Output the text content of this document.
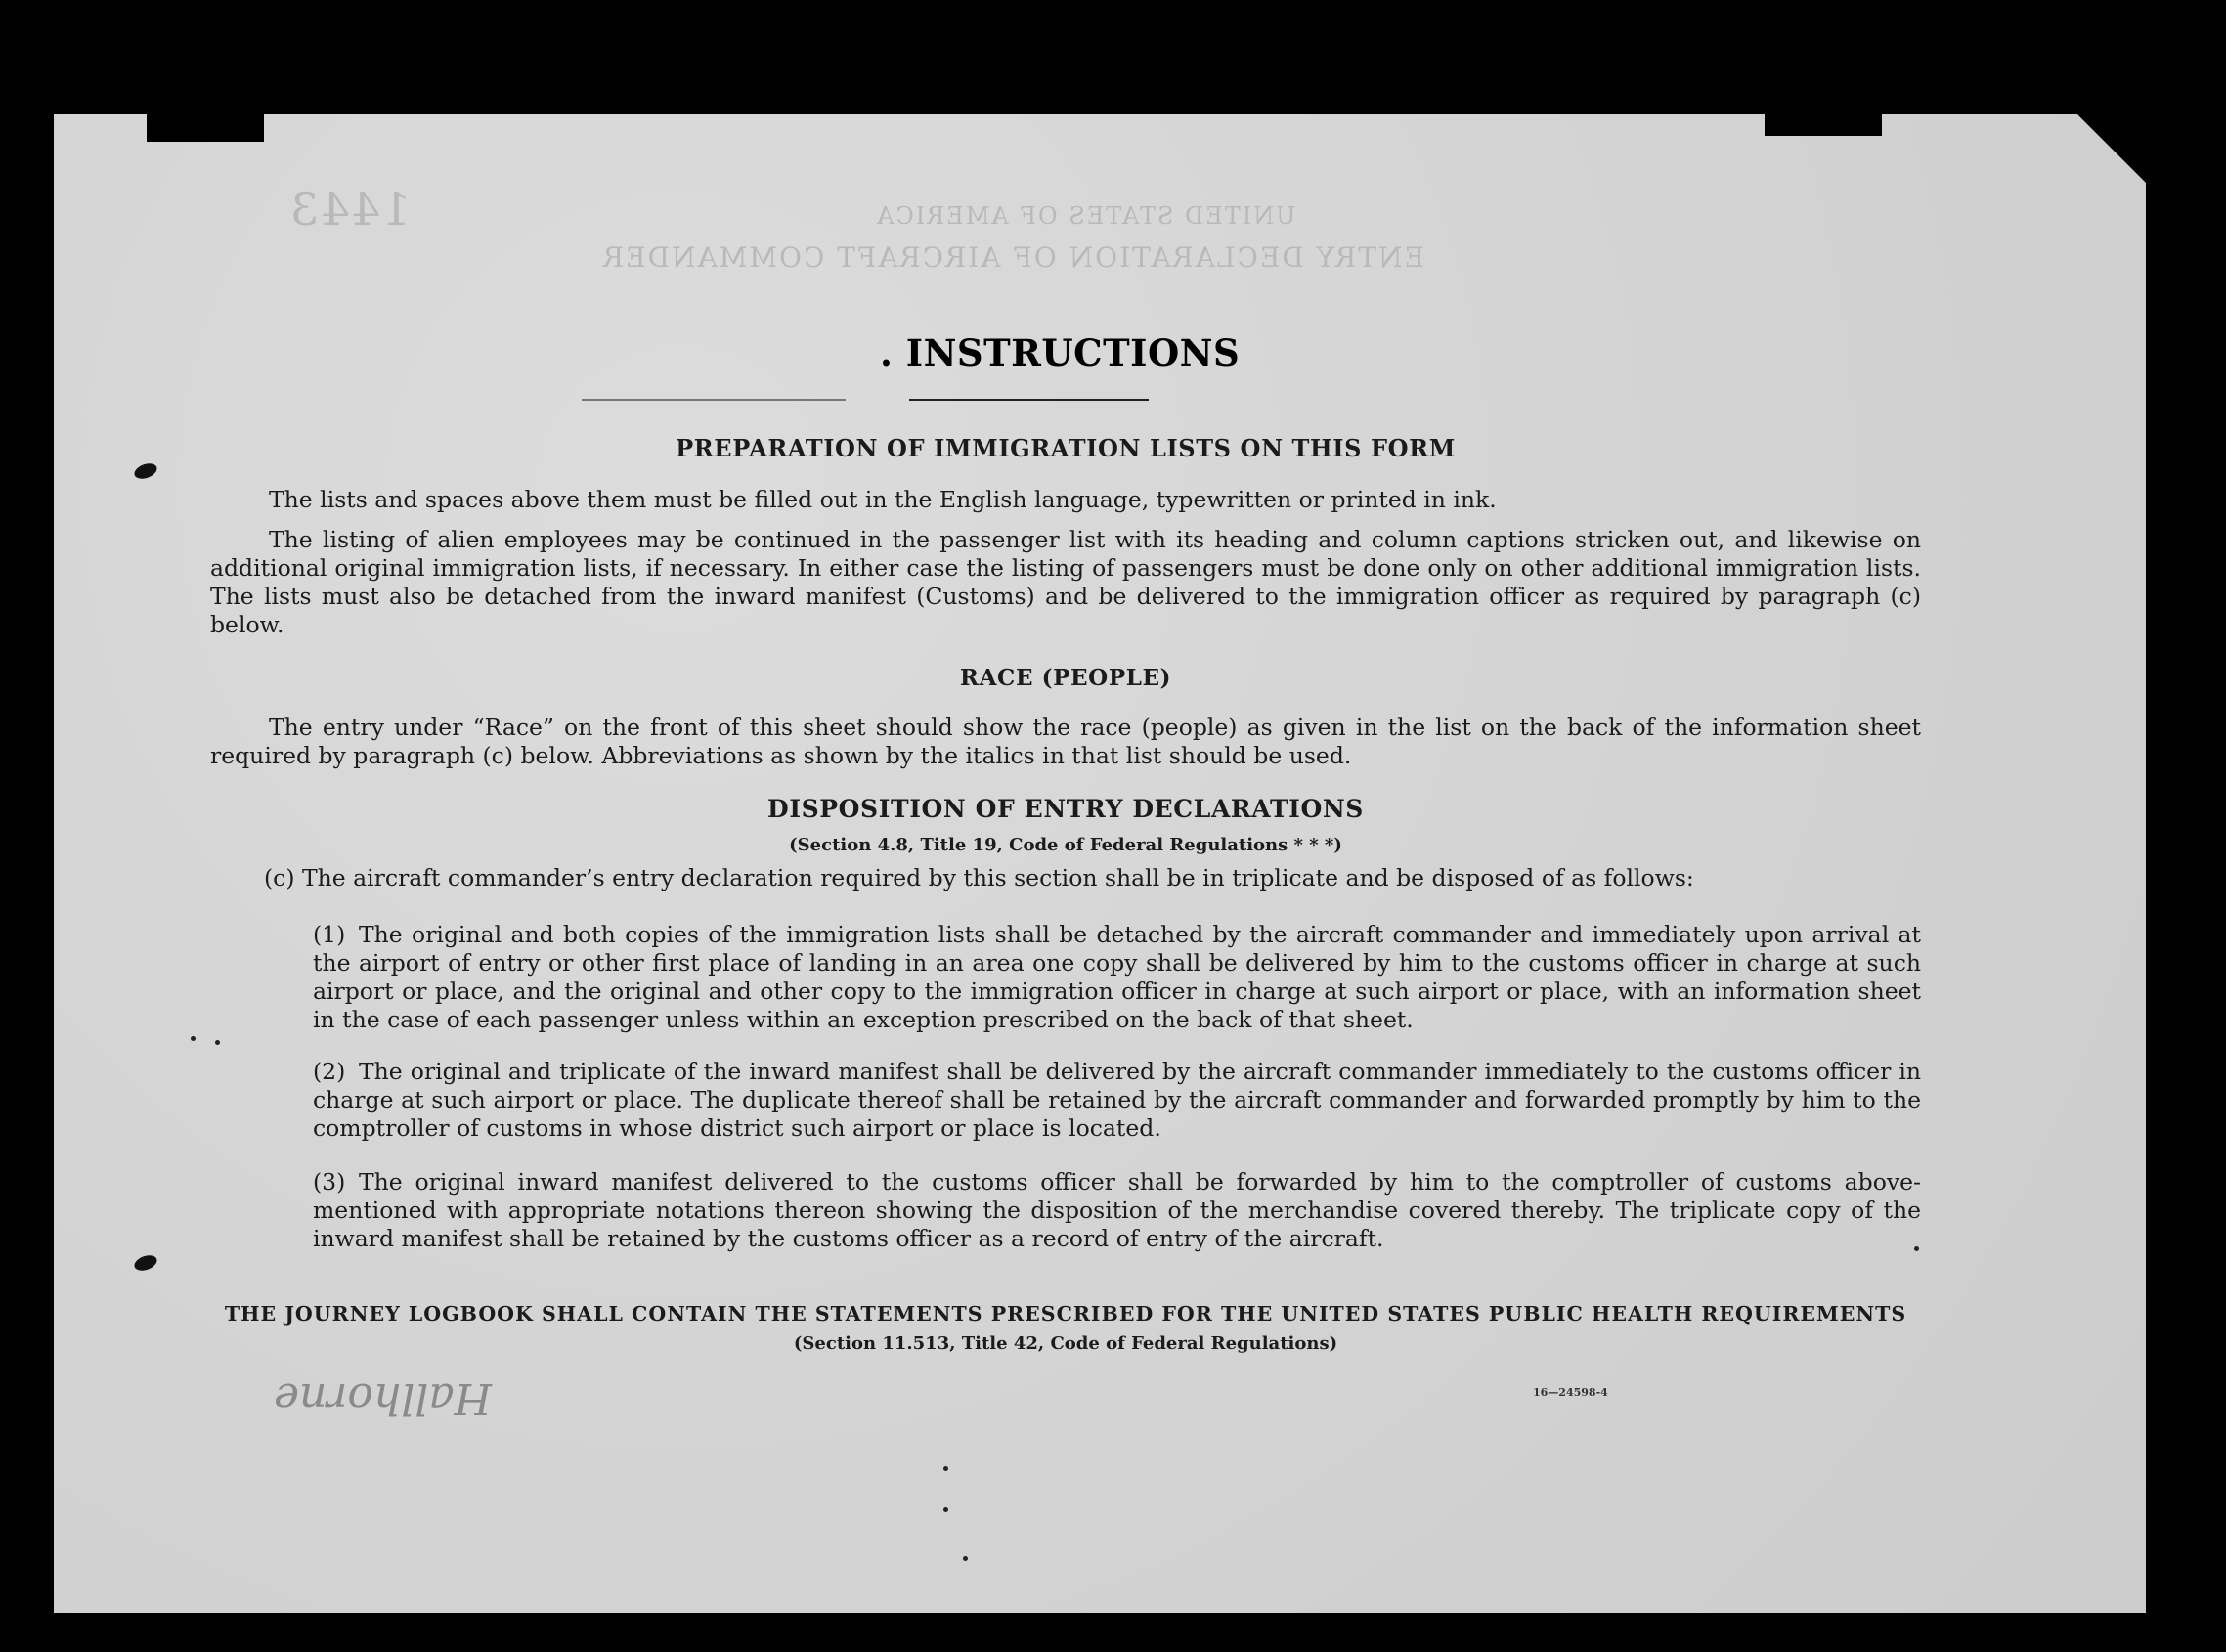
UNITED STATES OF AMERICA
ENTRY DECLARATION OF AIRCRAFT COMMANDER
1443
. INSTRUCTIONS
PREPARATION OF IMMIGRATION LISTS ON THIS FORM
The lists and spaces above them must be filled out in the English language, typewritten or printed in ink.
The listing of alien employees may be continued in the passenger list with its heading and column captions stricken out, and likewise on additional original immigration lists, if necessary. In either case the listing of passengers must be done only on other additional immigration lists. The lists must also be detached from the inward manifest (Customs) and be delivered to the immigration officer as required by paragraph (c) below.
RACE (PEOPLE)
The entry under “Race” on the front of this sheet should show the race (people) as given in the list on the back of the information sheet required by paragraph (c) below. Abbreviations as shown by the italics in that list should be used.
DISPOSITION OF ENTRY DECLARATIONS
(Section 4.8, Title 19, Code of Federal Regulations * * *)
(c) The aircraft commander’s entry declaration required by this section shall be in triplicate and be disposed of as follows:
(1) The original and both copies of the immigration lists shall be detached by the aircraft commander and immediately upon arrival at the airport of entry or other first place of landing in an area one copy shall be delivered by him to the customs officer in charge at such airport or place, and the original and other copy to the immigration officer in charge at such airport or place, with an information sheet in the case of each passenger unless within an exception prescribed on the back of that sheet.
(2) The original and triplicate of the inward manifest shall be delivered by the aircraft commander immediately to the customs officer in charge at such airport or place. The duplicate thereof shall be retained by the aircraft commander and forwarded promptly by him to the comptroller of customs in whose district such airport or place is located.
(3) The original inward manifest delivered to the customs officer shall be forwarded by him to the comptroller of customs above-mentioned with appropriate notations thereon showing the disposition of the merchandise covered thereby. The triplicate copy of the inward manifest shall be retained by the customs officer as a record of entry of the aircraft.
THE JOURNEY LOGBOOK SHALL CONTAIN THE STATEMENTS PRESCRIBED FOR THE UNITED STATES PUBLIC HEALTH REQUIREMENTS
(Section 11.513, Title 42, Code of Federal Regulations)
16—24598-4
Hallhorne
